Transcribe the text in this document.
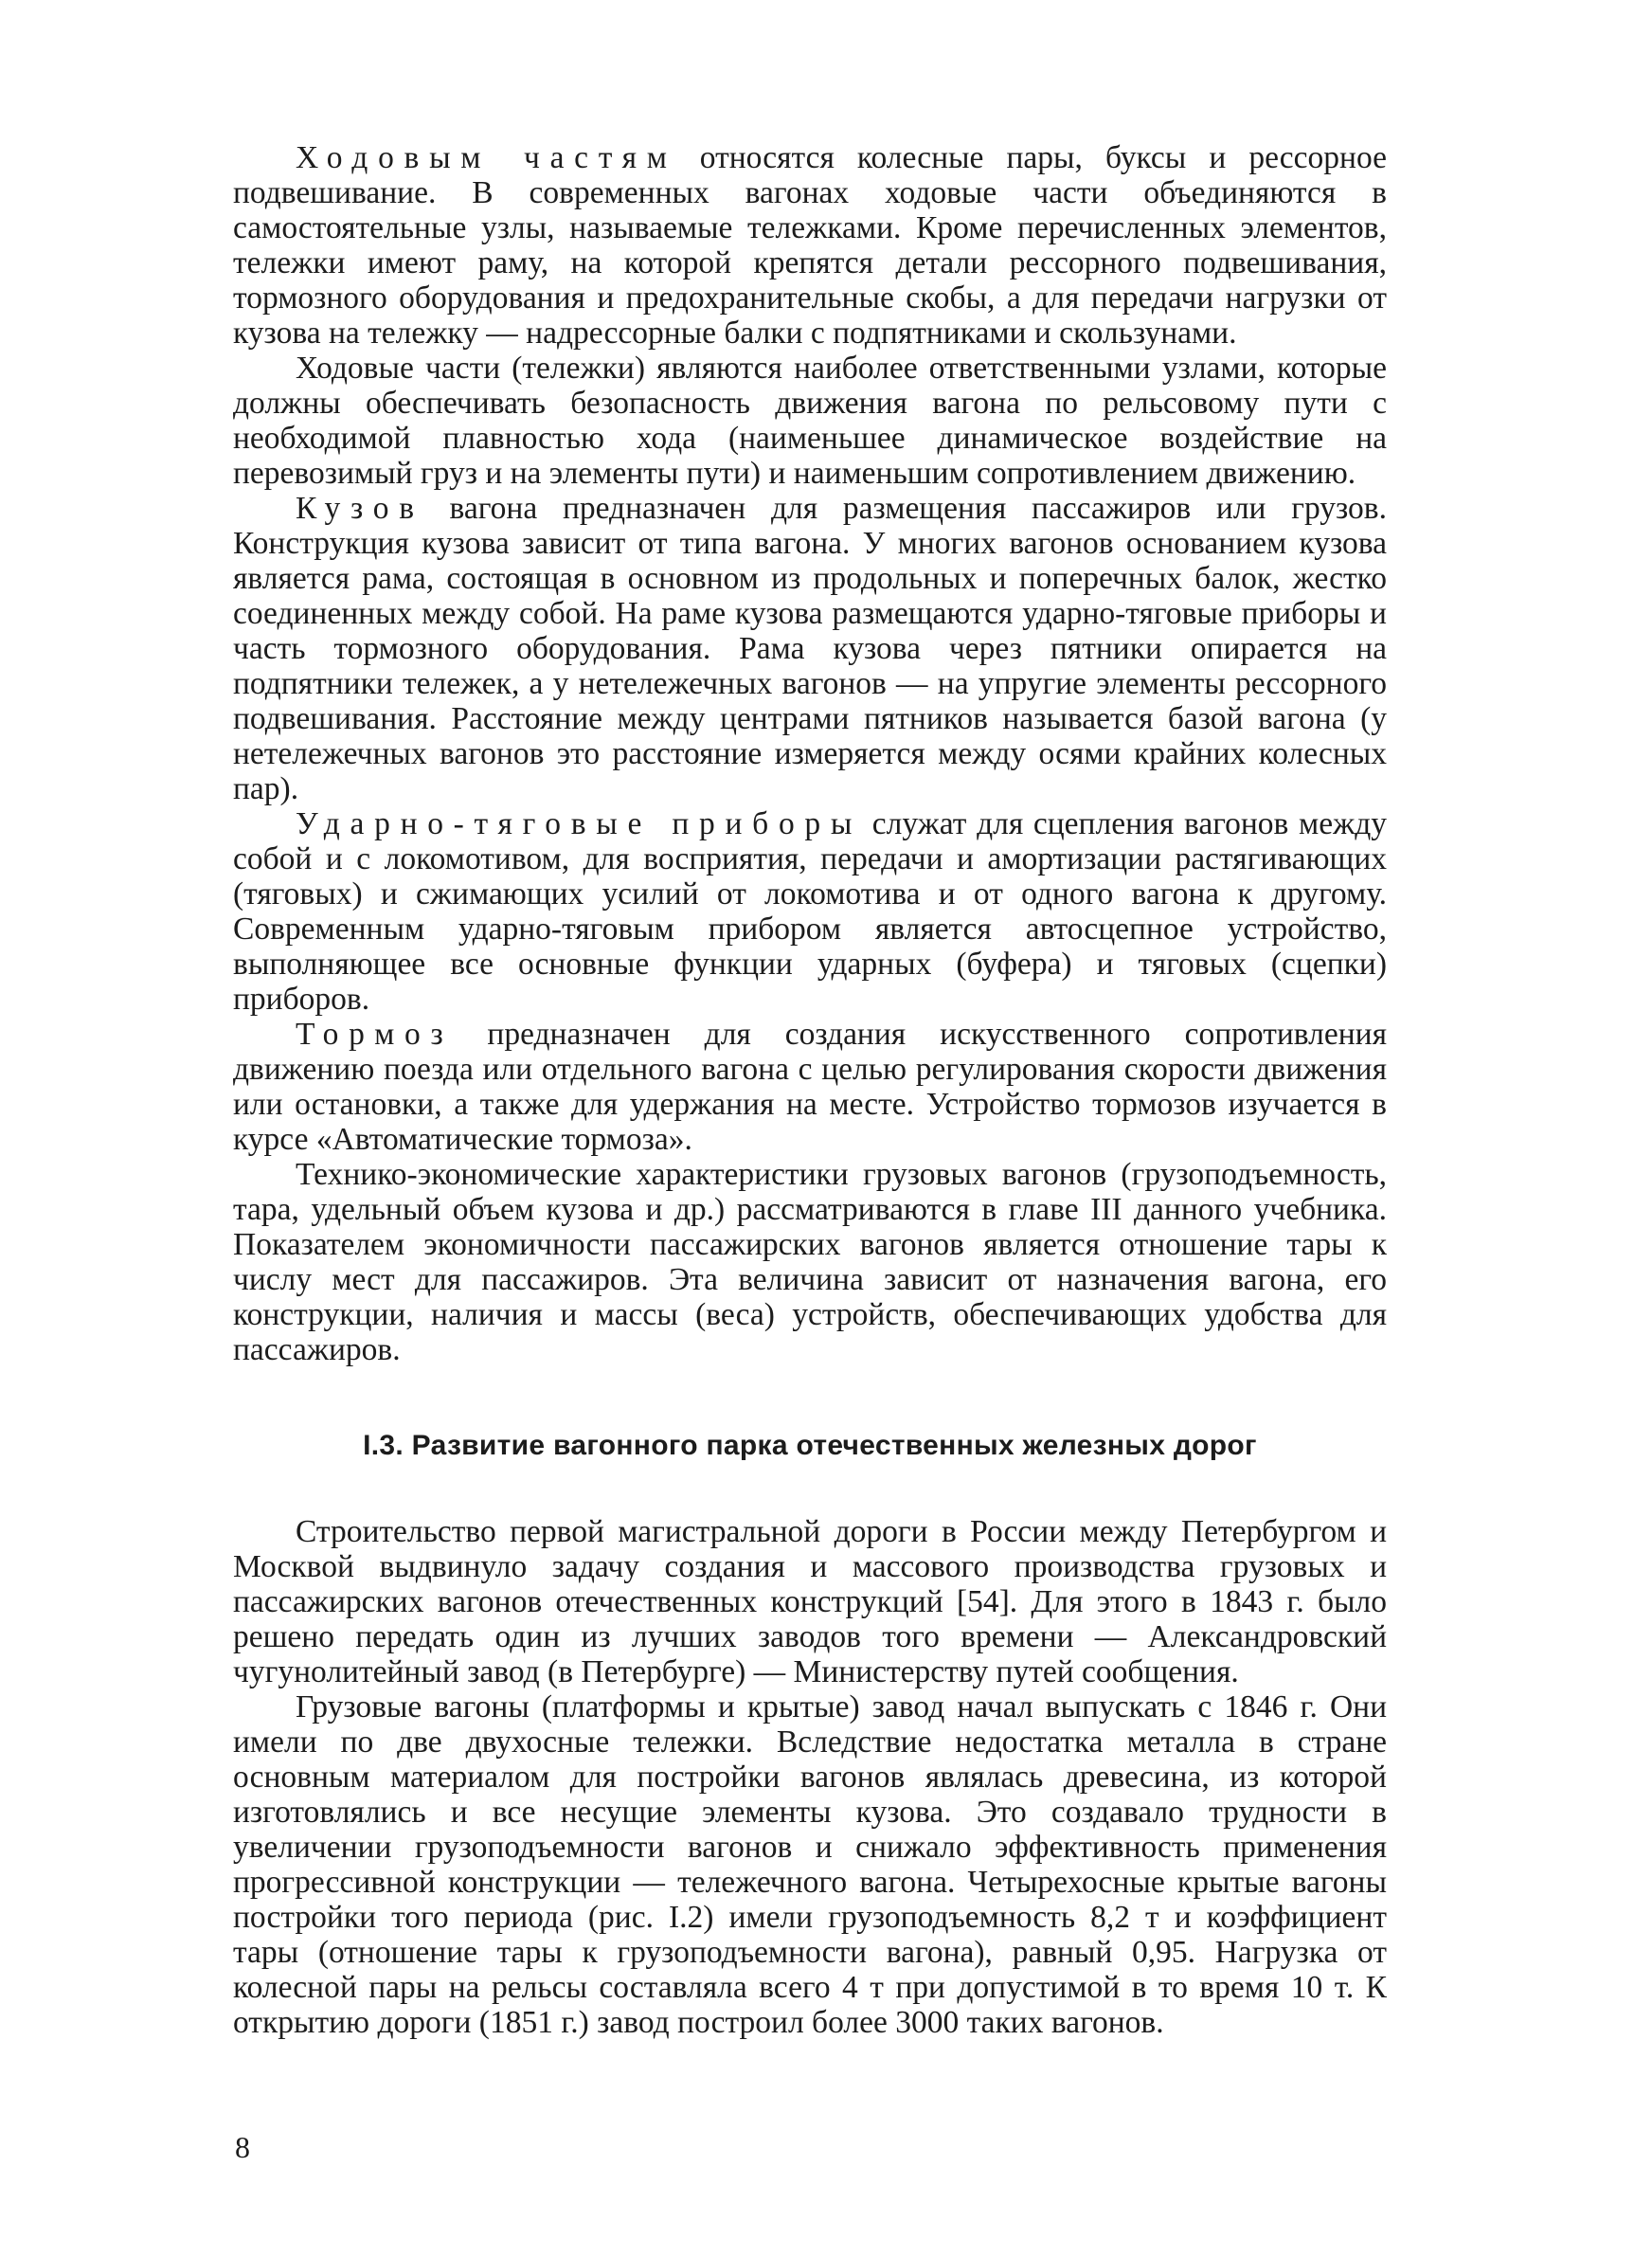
Ходовым частям относятся колесные пары, буксы и рессорное подвешивание. В современных вагонах ходовые части объединяются в самостоятельные узлы, называемые тележками. Кроме перечисленных элементов, тележки имеют раму, на которой крепятся детали рессорного подвешивания, тормозного оборудования и предохранительные скобы, а для передачи нагрузки от кузова на тележку — надрессорные балки с подпятниками и скользунами.

Ходовые части (тележки) являются наиболее ответственными узлами, которые должны обеспечивать безопасность движения вагона по рельсовому пути с необходимой плавностью хода (наименьшее динамическое воздействие на перевозимый груз и на элементы пути) и наименьшим сопротивлением движению.

Кузов вагона предназначен для размещения пассажиров или грузов. Конструкция кузова зависит от типа вагона. У многих вагонов основанием кузова является рама, состоящая в основном из продольных и поперечных балок, жестко соединенных между собой. На раме кузова размещаются ударно-тяговые приборы и часть тормозного оборудования. Рама кузова через пятники опирается на подпятники тележек, а у нетележечных вагонов — на упругие элементы рессорного подвешивания. Расстояние между центрами пятников называется базой вагона (у нетележечных вагонов это расстояние измеряется между осями крайних колесных пар).

Ударно-тяговые приборы служат для сцепления вагонов между собой и с локомотивом, для восприятия, передачи и амортизации растягивающих (тяговых) и сжимающих усилий от локомотива и от одного вагона к другому. Современным ударно-тяговым прибором является автосцепное устройство, выполняющее все основные функции ударных (буфера) и тяговых (сцепки) приборов.

Тормоз предназначен для создания искусственного сопротивления движению поезда или отдельного вагона с целью регулирования скорости движения или остановки, а также для удержания на месте. Устройство тормозов изучается в курсе «Автоматические тормоза».

Технико-экономические характеристики грузовых вагонов (грузоподъемность, тара, удельный объем кузова и др.) рассматриваются в главе III данного учебника. Показателем экономичности пассажирских вагонов является отношение тары к числу мест для пассажиров. Эта величина зависит от назначения вагона, его конструкции, наличия и массы (веса) устройств, обеспечивающих удобства для пассажиров.

I.3. Развитие вагонного парка отечественных железных дорог

Строительство первой магистральной дороги в России между Петербургом и Москвой выдвинуло задачу создания и массового производства грузовых и пассажирских вагонов отечественных конструкций [54]. Для этого в 1843 г. было решено передать один из лучших заводов того времени — Александровский чугунолитейный завод (в Петербурге) — Министерству путей сообщения.

Грузовые вагоны (платформы и крытые) завод начал выпускать с 1846 г. Они имели по две двухосные тележки. Вследствие недостатка металла в стране основным материалом для постройки вагонов являлась древесина, из которой изготовлялись и все несущие элементы кузова. Это создавало трудности в увеличении грузоподъемности вагонов и снижало эффективность применения прогрессивной конструкции — тележечного вагона. Четырехосные крытые вагоны постройки того периода (рис. I.2) имели грузоподъемность 8,2 т и коэффициент тары (отношение тары к грузоподъемности вагона), равный 0,95. Нагрузка от колесной пары на рельсы составляла всего 4 т при допустимой в то время 10 т. К открытию дороги (1851 г.) завод построил более 3000 таких вагонов.

8
